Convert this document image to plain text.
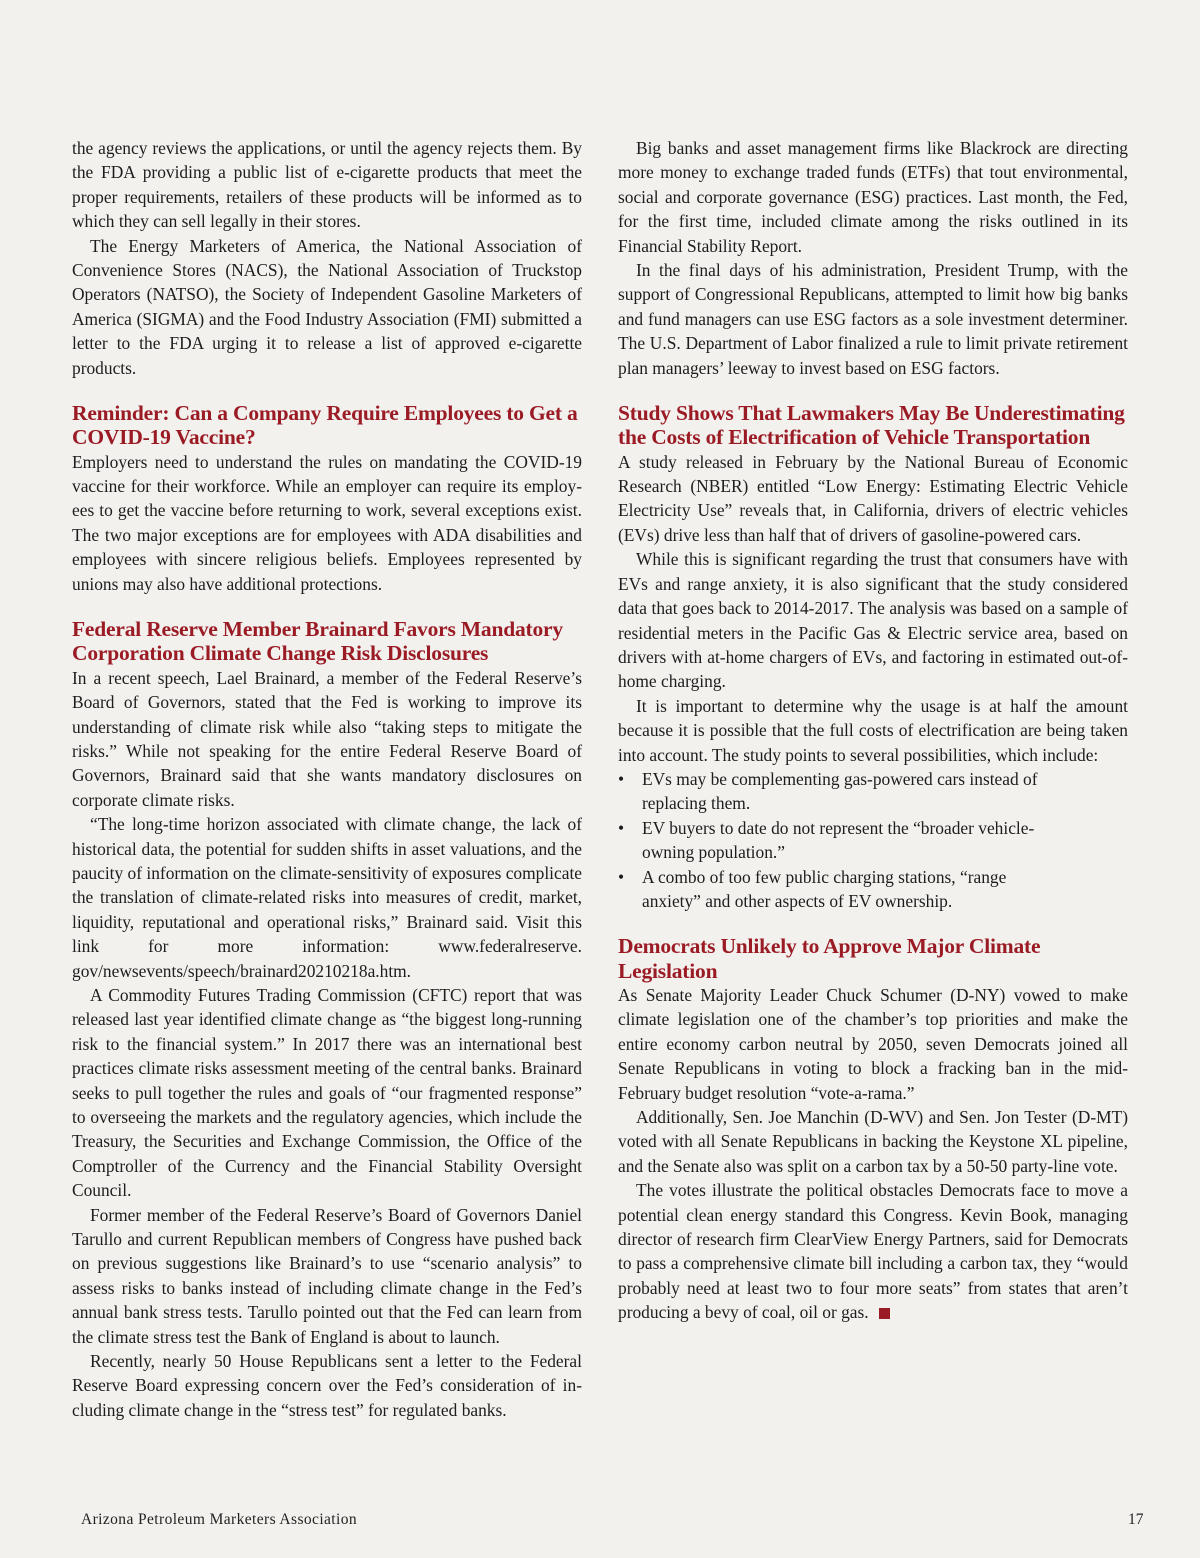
the agency reviews the applications, or until the agency rejects them. By the FDA providing a public list of e-cigarette products that meet the proper requirements, retailers of these products will be informed as to which they can sell legally in their stores.

The Energy Marketers of America, the National Association of Convenience Stores (NACS), the National Association of Truckstop Operators (NATSO), the Society of Independent Gasoline Marketers of America (SIGMA) and the Food Industry Association (FMI) submitted a letter to the FDA urging it to release a list of approved e-cigarette products.

Reminder: Can a Company Require Employees to Get a COVID-19 Vaccine?

Employers need to understand the rules on mandating the COVID-19 vaccine for their workforce. While an employer can require its employees to get the vaccine before returning to work, several exceptions exist. The two major exceptions are for employees with ADA disabilities and employees with sincere religious beliefs. Employees represented by unions may also have additional protections.

Federal Reserve Member Brainard Favors Mandatory Corporation Climate Change Risk Disclosures

In a recent speech, Lael Brainard, a member of the Federal Reserve’s Board of Governors, stated that the Fed is working to improve its understanding of climate risk while also “taking steps to mitigate the risks.” While not speaking for the entire Federal Reserve Board of Governors, Brainard said that she wants mandatory disclosures on corporate climate risks.

“The long-time horizon associated with climate change, the lack of historical data, the potential for sudden shifts in asset valuations, and the paucity of information on the climate-sensitivity of exposures complicate the translation of climate-related risks into measures of credit, market, liquidity, reputational and operational risks,” Brainard said. Visit this link for more information: www.federalreserve.​gov/newsevents/speech/brainard20210218a.htm.

A Commodity Futures Trading Commission (CFTC) report that was released last year identified climate change as “the biggest long-running risk to the financial system.” In 2017 there was an international best practices climate risks assessment meeting of the central banks. Brainard seeks to pull together the rules and goals of “our fragmented response” to overseeing the markets and the regulatory agencies, which include the Treasury, the Securities and Exchange Commission, the Office of the Comptroller of the Currency and the Financial Stability Oversight Council.

Former member of the Federal Reserve’s Board of Governors Daniel Tarullo and current Republican members of Congress have pushed back on previous suggestions like Brainard’s to use “scenario analysis” to assess risks to banks instead of including climate change in the Fed’s annual bank stress tests. Tarullo pointed out that the Fed can learn from the climate stress test the Bank of England is about to launch.

Recently, nearly 50 House Republicans sent a letter to the Federal Reserve Board expressing concern over the Fed’s consideration of including climate change in the “stress test” for regulated banks.

Big banks and asset management firms like Blackrock are directing more money to exchange traded funds (ETFs) that tout environmental, social and corporate governance (ESG) practices. Last month, the Fed, for the first time, included climate among the risks outlined in its Financial Stability Report.

In the final days of his administration, President Trump, with the support of Congressional Republicans, attempted to limit how big banks and fund managers can use ESG factors as a sole investment determiner. The U.S. Department of Labor finalized a rule to limit private retirement plan managers’ leeway to invest based on ESG factors.

Study Shows That Lawmakers May Be Underestimating the Costs of Electrification of Vehicle Transportation

A study released in February by the National Bureau of Economic Research (NBER) entitled “Low Energy: Estimating Electric Vehicle Electricity Use” reveals that, in California, drivers of electric vehicles (EVs) drive less than half that of drivers of gasoline-powered cars.

While this is significant regarding the trust that consumers have with EVs and range anxiety, it is also significant that the study considered data that goes back to 2014-2017. The analysis was based on a sample of residential meters in the Pacific Gas & Electric service area, based on drivers with at-home chargers of EVs, and factoring in estimated out-of-home charging.

It is important to determine why the usage is at half the amount because it is possible that the full costs of electrification are being taken into account. The study points to several possibilities, which include:

• EVs may be complementing gas-powered cars instead of replacing them.
• EV buyers to date do not represent the “broader vehicle-owning population.”
• A combo of too few public charging stations, “range anxiety” and other aspects of EV ownership.
Democrats Unlikely to Approve Major Climate Legislation

As Senate Majority Leader Chuck Schumer (D-NY) vowed to make climate legislation one of the chamber’s top priorities and make the entire economy carbon neutral by 2050, seven Democrats joined all Senate Republicans in voting to block a fracking ban in the mid-February budget resolution “vote-a-rama.”

Additionally, Sen. Joe Manchin (D-WV) and Sen. Jon Tester (D-MT) voted with all Senate Republicans in backing the Keystone XL pipeline, and the Senate also was split on a carbon tax by a 50-50 party-line vote.

The votes illustrate the political obstacles Democrats face to move a potential clean energy standard this Congress. Kevin Book, managing director of research firm ClearView Energy Partners, said for Democrats to pass a comprehensive climate bill including a carbon tax, they “would probably need at least two to four more seats” from states that aren’t producing a bevy of coal, oil or gas.

Arizona Petroleum Marketers Association	17
